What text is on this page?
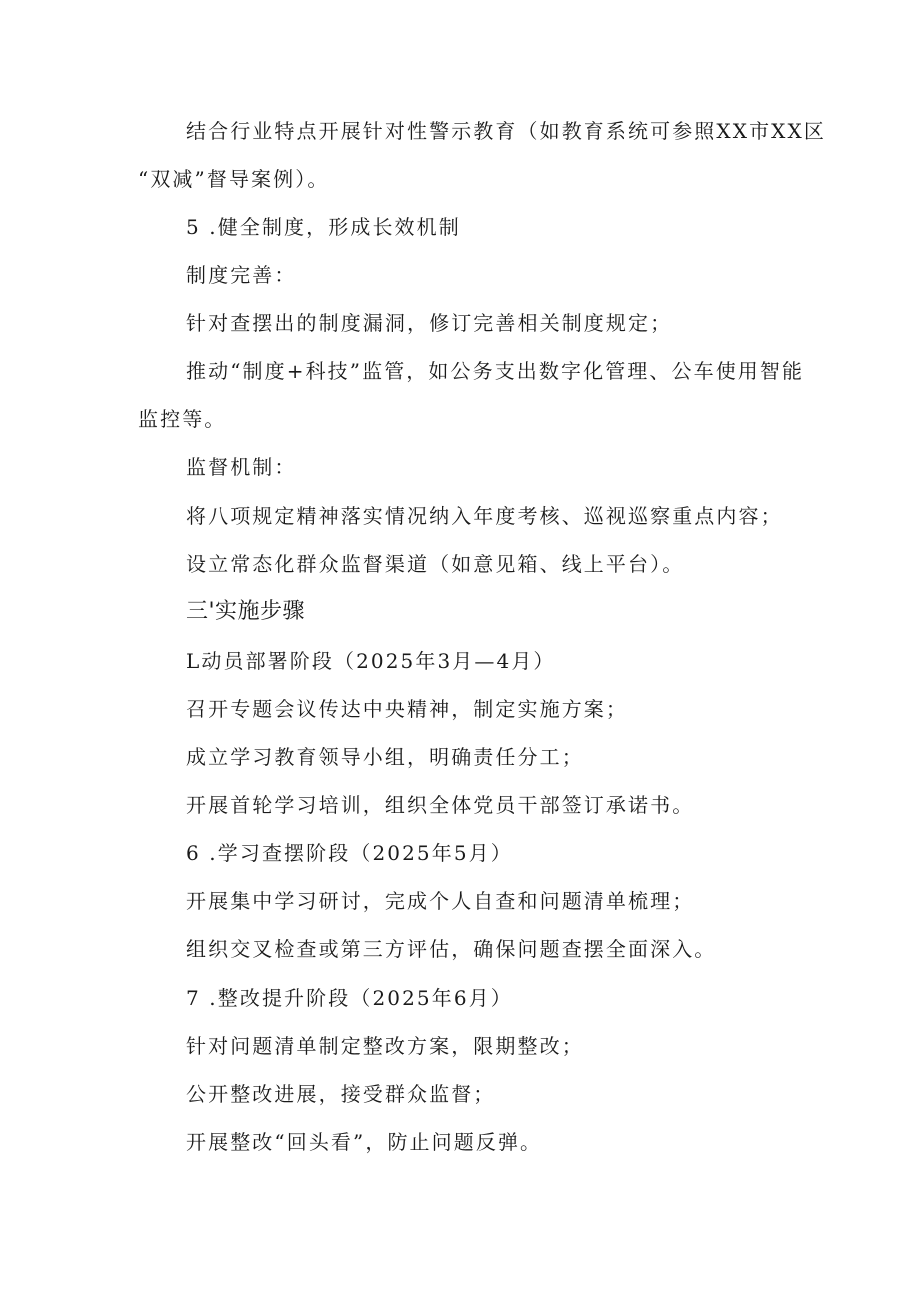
结合行业特点开展针对性警示教育（如教育系统可参照XX市XX区
“双减”督导案例）。
5 .健全制度，形成长效机制
制度完善：
针对查摆出的制度漏洞，修订完善相关制度规定；
推动“制度+科技”监管，如公务支出数字化管理、公车使用智能
监控等。
监督机制：
将八项规定精神落实情况纳入年度考核、巡视巡察重点内容；
设立常态化群众监督渠道（如意见箱、线上平台）。
三'实施步骤
L动员部署阶段（2025年3月—4月）
召开专题会议传达中央精神，制定实施方案；
成立学习教育领导小组，明确责任分工；
开展首轮学习培训，组织全体党员干部签订承诺书。
6 .学习查摆阶段（2025年5月）
开展集中学习研讨，完成个人自查和问题清单梳理；
组织交叉检查或第三方评估，确保问题查摆全面深入。
7 .整改提升阶段（2025年6月）
针对问题清单制定整改方案，限期整改；
公开整改进展，接受群众监督；
开展整改“回头看”，防止问题反弹。
